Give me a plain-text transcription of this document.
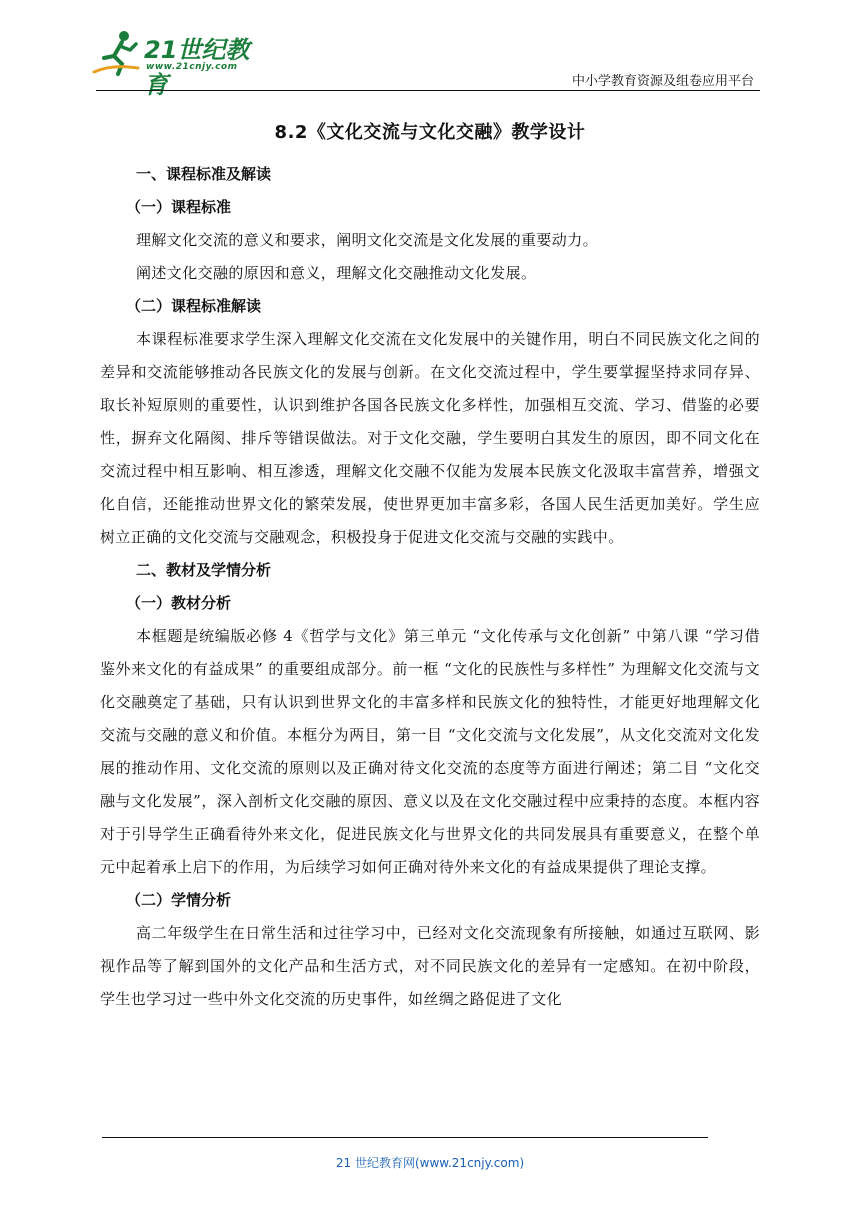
21世纪教育
www.21cnjy.com
中小学教育资源及组卷应用平台
8.2《文化交流与文化交融》教学设计
一、课程标准及解读
（一）课程标准

理解文化交流的意义和要求，阐明文化交流是文化发展的重要动力。

阐述文化交融的原因和意义，理解文化交融推动文化发展。

（二）课程标准解读

本课程标准要求学生深入理解文化交流在文化发展中的关键作用，明白不同民族文化之间的差异和交流能够推动各民族文化的发展与创新。在文化交流过程中，学生要掌握坚持求同存异、取长补短原则的重要性，认识到维护各国各民族文化多样性，加强相互交流、学习、借鉴的必要性，摒弃文化隔阂、排斥等错误做法。对于文化交融，学生要明白其发生的原因，即不同文化在交流过程中相互影响、相互渗透，理解文化交融不仅能为发展本民族文化汲取丰富营养，增强文化自信，还能推动世界文化的繁荣发展，使世界更加丰富多彩，各国人民生活更加美好。学生应树立正确的文化交流与交融观念，积极投身于促进文化交流与交融的实践中。

二、教材及学情分析
（一）教材分析

本框题是统编版必修 4《哲学与文化》第三单元 “文化传承与文化创新” 中第八课 “学习借鉴外来文化的有益成果” 的重要组成部分。前一框 “文化的民族性与多样性” 为理解文化交流与文化交融奠定了基础，只有认识到世界文化的丰富多样和民族文化的独特性，才能更好地理解文化交流与交融的意义和价值。本框分为两目，第一目 “文化交流与文化发展”，从文化交流对文化发展的推动作用、文化交流的原则以及正确对待文化交流的态度等方面进行阐述；第二目 “文化交融与文化发展”，深入剖析文化交融的原因、意义以及在文化交融过程中应秉持的态度。本框内容对于引导学生正确看待外来文化，促进民族文化与世界文化的共同发展具有重要意义，在整个单元中起着承上启下的作用，为后续学习如何正确对待外来文化的有益成果提供了理论支撑。

（二）学情分析

高二年级学生在日常生活和过往学习中，已经对文化交流现象有所接触，如通过互联网、影视作品等了解到国外的文化产品和生活方式，对不同民族文化的差异有一定感知。在初中阶段，学生也学习过一些中外文化交流的历史事件，如丝绸之路促进了文化

21 世纪教育网(www.21cnjy.com)
